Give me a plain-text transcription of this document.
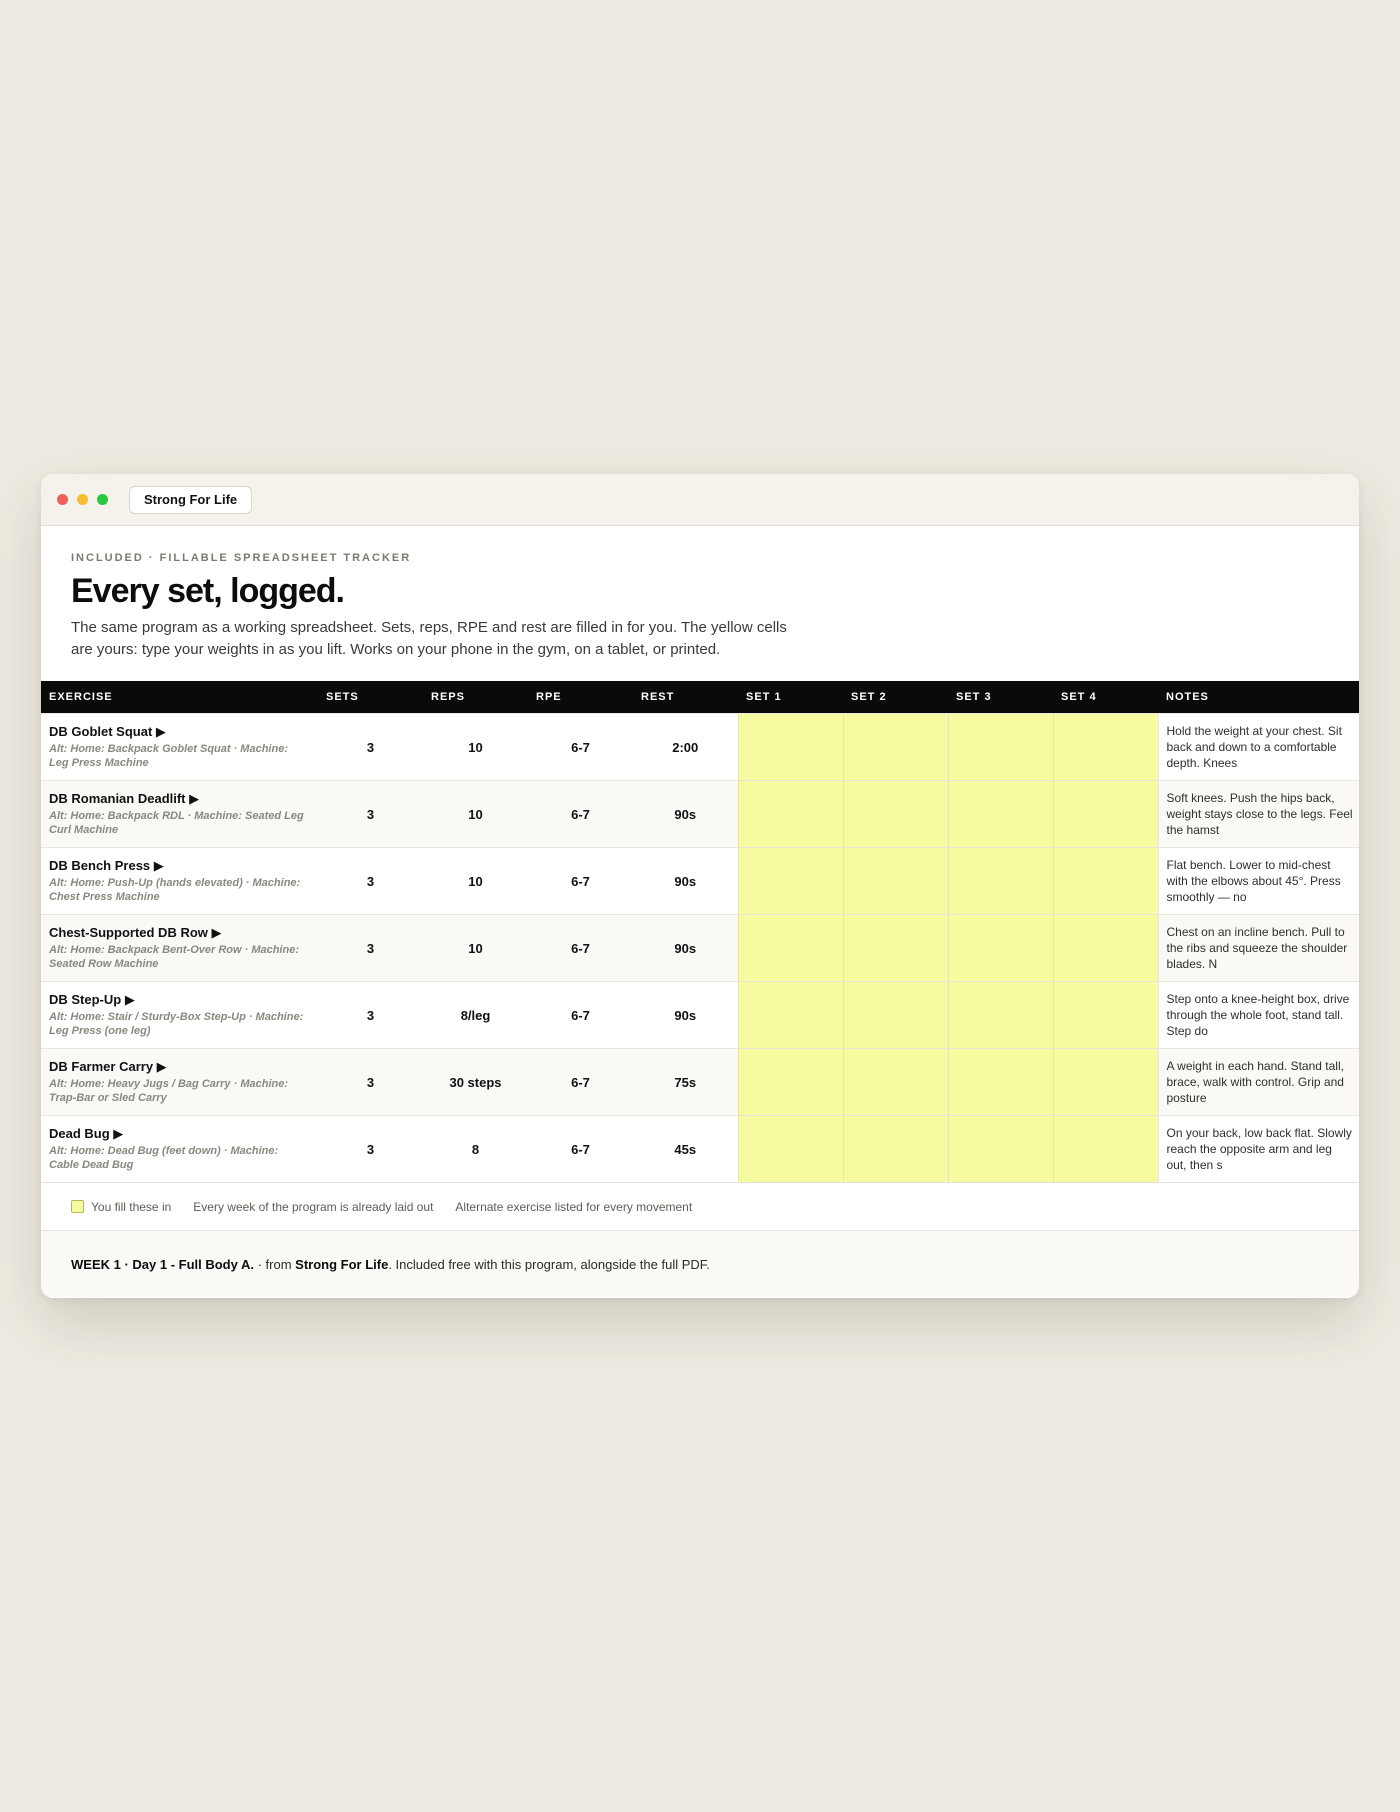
Strong For Life
INCLUDED · FILLABLE SPREADSHEET TRACKER
Every set, logged.
The same program as a working spreadsheet. Sets, reps, RPE and rest are filled in for you. The yellow cells are yours: type your weights in as you lift. Works on your phone in the gym, on a tablet, or printed.
EXERCISE	SETS	REPS	RPE	REST	SET 1	SET 2	SET 3	SET 4	NOTES

DB Goblet Squat ▶
Alt: Home: Backpack Goblet Squat · Machine: Leg Press Machine	3	10	6-7	2:00					Hold the weight at your chest. Sit back and down to a comfortable depth. Knees

DB Romanian Deadlift ▶
Alt: Home: Backpack RDL · Machine: Seated Leg Curl Machine	3	10	6-7	90s					Soft knees. Push the hips back, weight stays close to the legs. Feel the hamst

DB Bench Press ▶
Alt: Home: Push-Up (hands elevated) · Machine: Chest Press Machine	3	10	6-7	90s					Flat bench. Lower to mid-chest with the elbows about 45°. Press smoothly — no

Chest-Supported DB Row ▶
Alt: Home: Backpack Bent-Over Row · Machine: Seated Row Machine	3	10	6-7	90s					Chest on an incline bench. Pull to the ribs and squeeze the shoulder blades. N

DB Step-Up ▶
Alt: Home: Stair / Sturdy-Box Step-Up · Machine: Leg Press (one leg)	3	8/leg	6-7	90s					Step onto a knee-height box, drive through the whole foot, stand tall. Step do

DB Farmer Carry ▶
Alt: Home: Heavy Jugs / Bag Carry · Machine: Trap-Bar or Sled Carry	3	30 steps	6-7	75s					A weight in each hand. Stand tall, brace, walk with control. Grip and posture

Dead Bug ▶
Alt: Home: Dead Bug (feet down) · Machine: Cable Dead Bug	3	8	6-7	45s					On your back, low back flat. Slowly reach the opposite arm and leg out, then s
You fill these in Every week of the program is already laid out Alternate exercise listed for every movement
WEEK 1 · Day 1 - Full Body A. · from Strong For Life . Included free with this program, alongside the full PDF.
